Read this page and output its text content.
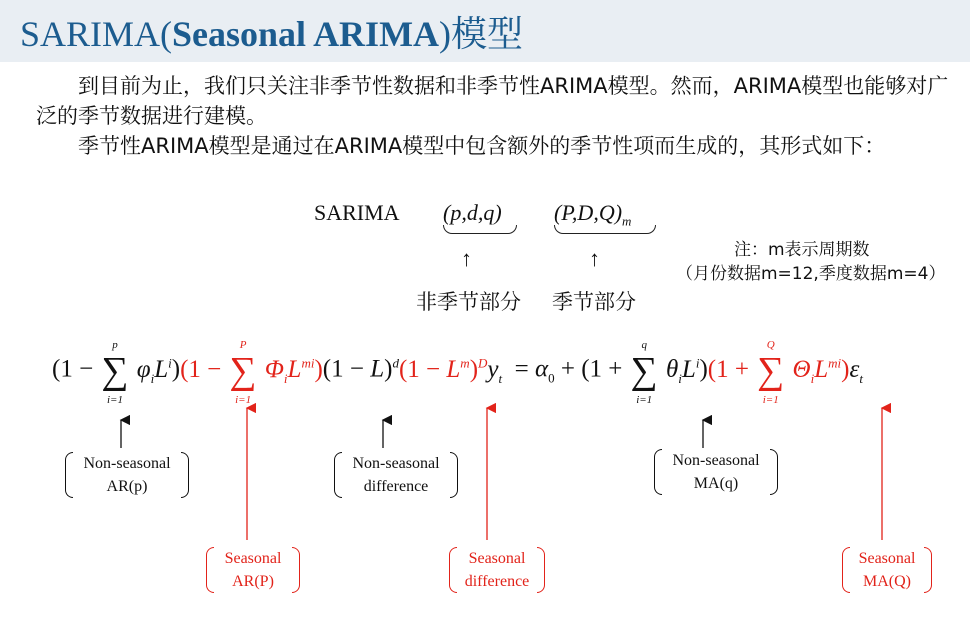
SARIMA(Seasonal ARIMA)模型
到目前为止，我们只关注非季节性数据和非季节性ARIMA模型。然而，ARIMA模型也能够对广泛的季节数据进行建模。
季节性ARIMA模型是通过在ARIMA模型中包含额外的季节性项而生成的，其形式如下：
SARIMA (p,d,q) $(P,D,Q)_m$
↑	↑
非季节部分 季节部分
注：m表示周期数
（月份数据m=12,季度数据m=4）
(1 − ∑
p
i=1
$\varphi_iL^i)(1$ − ∑
P
i=1
$\Phi_iL^{mi})(1 - L)^d(1 - L^m)^Dy_t = \alpha_0 + (1$ + ∑
q
i=1
$\theta_iL^i)(1$ + ∑
Q
i=1
$\Theta_iL^{mi})\varepsilon_t$
Non-seasonal
AR(p)
Non-seasonal
difference
Non-seasonal
MA(q)
Seasonal
AR(P)
Seasonal
difference
Seasonal
MA(Q)
